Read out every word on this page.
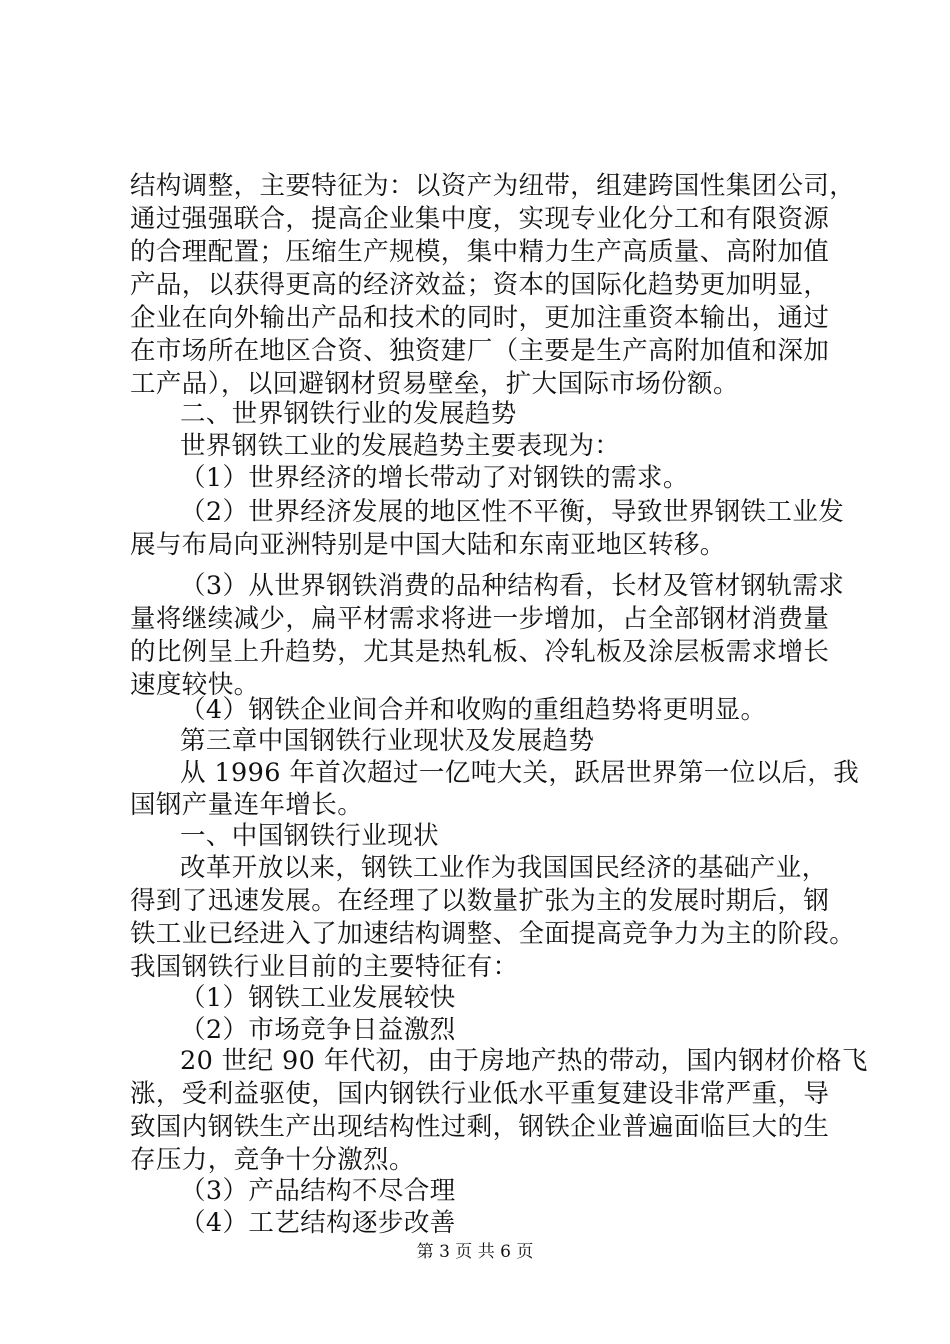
结构调整，主要特征为：以资产为纽带，组建跨国性集团公司，
通过强强联合，提高企业集中度，实现专业化分工和有限资源
的合理配置；压缩生产规模，集中精力生产高质量、高附加值
产品，以获得更高的经济效益；资本的国际化趋势更加明显，
企业在向外输出产品和技术的同时，更加注重资本输出，通过
在市场所在地区合资、独资建厂（主要是生产高附加值和深加
工产品），以回避钢材贸易壁垒，扩大国际市场份额。
二、世界钢铁行业的发展趋势
世界钢铁工业的发展趋势主要表现为：
（1）世界经济的增长带动了对钢铁的需求。
（2）世界经济发展的地区性不平衡，导致世界钢铁工业发
展与布局向亚洲特别是中国大陆和东南亚地区转移。
（3）从世界钢铁消费的品种结构看，长材及管材钢轨需求
量将继续减少，扁平材需求将进一步增加，占全部钢材消费量
的比例呈上升趋势，尤其是热轧板、冷轧板及涂层板需求增长
速度较快。
（4）钢铁企业间合并和收购的重组趋势将更明显。
第三章中国钢铁行业现状及发展趋势
从 1996 年首次超过一亿吨大关，跃居世界第一位以后，我
国钢产量连年增长。
一、中国钢铁行业现状
改革开放以来，钢铁工业作为我国国民经济的基础产业，
得到了迅速发展。在经理了以数量扩张为主的发展时期后，钢
铁工业已经进入了加速结构调整、全面提高竞争力为主的阶段。
我国钢铁行业目前的主要特征有：
（1）钢铁工业发展较快
（2）市场竞争日益激烈
20 世纪 90 年代初，由于房地产热的带动，国内钢材价格飞
涨，受利益驱使，国内钢铁行业低水平重复建设非常严重，导
致国内钢铁生产出现结构性过剩，钢铁企业普遍面临巨大的生
存压力，竞争十分激烈。
（3）产品结构不尽合理
（4）工艺结构逐步改善
第 3 页 共 6 页
